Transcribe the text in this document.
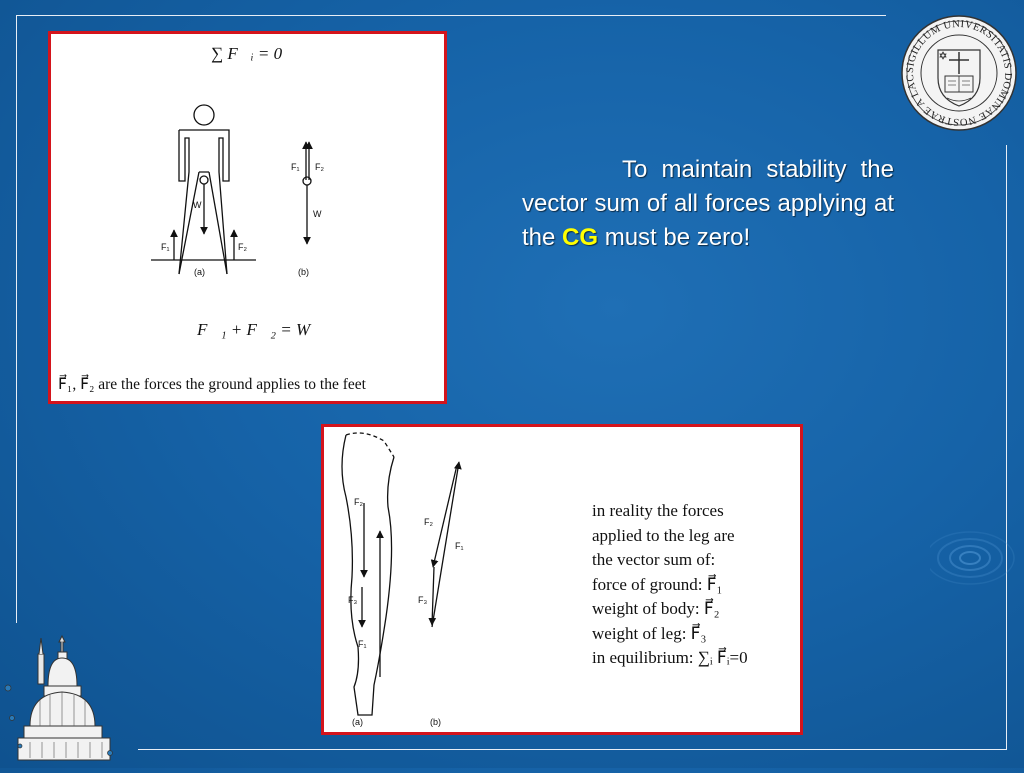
SIGILLUM UNIVERSITATIS DOMINAE NOSTRAE A LAC
To maintain stability the vector sum of all forces applying at the CG must be zero!
∑ F⃗ᵢ = 0
W
F₁	F₂
F₁ F₂
W
(a)	(b)
F⃗₁ + F⃗₂ = W
F⃗₁, F⃗₂ are the forces the ground applies to the feet
F₂
F₃
F₁
F₂
F₁
F₃
(a)	(b)
in reality the forces
applied to the leg are
the vector sum of:
force of ground: F⃗₁
weight of body: F⃗₂
weight of leg: F⃗₃
in equilibrium: ∑ᵢ F⃗ᵢ=0
